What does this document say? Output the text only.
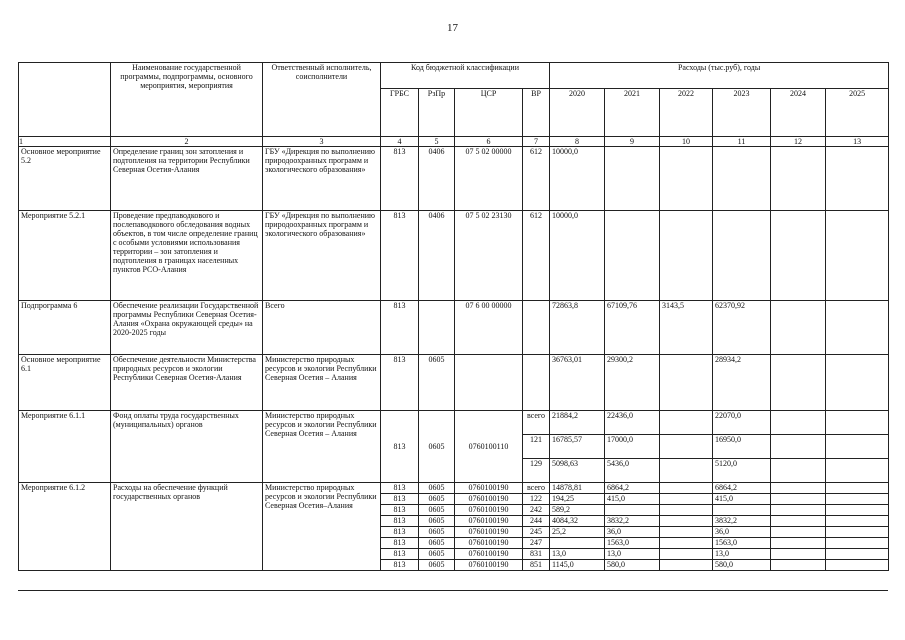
17
	Наименование государственной программы, подпрограммы, основного мероприятия, мероприятия	Ответственный исполнитель, соисполнители	Код бюджетной классификации				Расходы (тыс.руб), годы					
			ГРБС	РзПр	ЦСР	ВР	2020	2021	2022	2023	2024	2025
1	2	3	4	5	6	7	8	9	10	11	12	13
Основное мероприятие 5.2	Определение границ зон затопления и подтопления на территории Республики Северная Осетия-Алания	ГБУ «Дирекция по выполнению природоохранных программ и экологического образования»	813	0406	07 5 02 00000	612	10000,0					
Мероприятие 5.2.1	Проведение предпаводкового и послепаводкового обследования водных объектов, в том числе определение границ с особыми условиями использования территории – зон затопления и подтопления в границах населенных пунктов РСО-Алания	ГБУ «Дирекция по выполнению природоохранных программ и экологического образования»	813	0406	07 5 02 23130	612	10000,0					
Подпрограмма 6	Обеспечение реализации Государственной программы Республики Северная Осетия-Алания «Охрана окружающей среды» на 2020-2025 годы	Всего	813		07 6 00 00000		72863,8	67109,76	3143,5	62370,92		
Основное мероприятие 6.1	Обеспечение деятельности Министерства природных ресурсов и экологии Республики Северная Осетия-Алания	Министерство природных ресурсов и экологии Республики Северная Осетия – Алания	813	0605			36763,01	29300,2		28934,2		
Мероприятие 6.1.1	Фонд оплаты труда государственных (муниципальных) органов	Министерство природных ресурсов и экологии Республики Северная Осетия – Алания	813	0605	0760100110	всего	21884,2	22436,0		22070,0		
						121	16785,57	17000,0		16950,0		
						129	5098,63	5436,0		5120,0		
Мероприятие 6.1.2	Расходы на обеспечение функций государственных органов	Министерство природных ресурсов и экологии Республики Северная Осетия–Алания	813	0605	0760100190	всего	14878,81	6864,2		6864,2		
			813	0605	0760100190	122	194,25	415,0		415,0		
			813	0605	0760100190	242	589,2					
			813	0605	0760100190	244	4084,32	3832,2		3832,2		
			813	0605	0760100190	245	25,2	36,0		36,0		
			813	0605	0760100190	247		1563,0		1563,0		
			813	0605	0760100190	831	13,0	13,0		13,0		
			813	0605	0760100190	851	1145,0	580,0		580,0		
